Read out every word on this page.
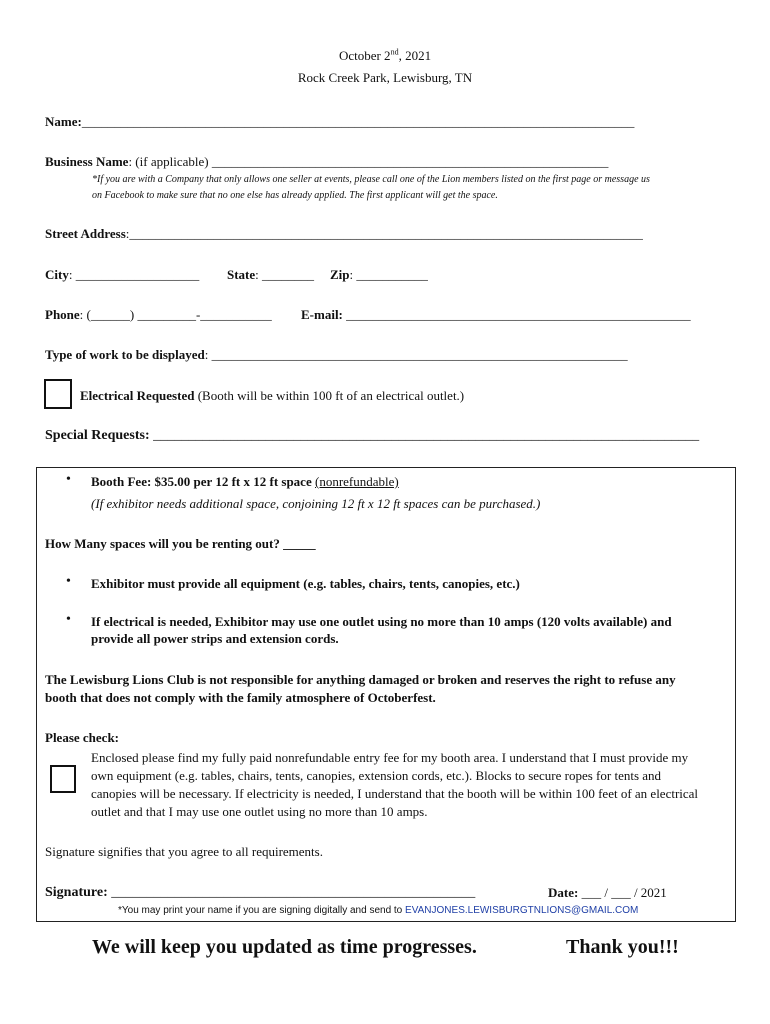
October 2nd, 2021
Rock Creek Park, Lewisburg, TN
Name:_____________________________________________________________________________________
Business Name: (if applicable) _____________________________________________________________
*If you are with a Company that only allows one seller at events, please call one of the Lion members listed on the first page or message us
on Facebook to make sure that no one else has already applied. The first applicant will get the space.
Street Address:_______________________________________________________________________________
City: ___________________ State: ________ Zip: ___________
Phone: (______) _________-___________ E-mail: _____________________________________________________
Type of work to be displayed: ________________________________________________________________
Electrical Requested (Booth will be within 100 ft of an electrical outlet.)
Special Requests: ______________________________________________________________________________
• Booth Fee: $35.00 per 12 ft x 12 ft space (nonrefundable)
(If exhibitor needs additional space, conjoining 12 ft x 12 ft spaces can be purchased.)
How Many spaces will you be renting out? _____
• Exhibitor must provide all equipment (e.g. tables, chairs, tents, canopies, etc.)
• If electrical is needed, Exhibitor may use one outlet using no more than 10 amps (120 volts available) and
provide all power strips and extension cords.
The Lewisburg Lions Club is not responsible for anything damaged or broken and reserves the right to refuse any
booth that does not comply with the family atmosphere of Octoberfest.
Please check:
Enclosed please find my fully paid nonrefundable entry fee for my booth area. I understand that I must provide my
own equipment (e.g. tables, chairs, tents, canopies, extension cords, etc.). Blocks to secure ropes for tents and
canopies will be necessary. If electricity is needed, I understand that the booth will be within 100 feet of an electrical
outlet and that I may use one outlet using no more than 10 amps.
Signature signifies that you agree to all requirements.
Signature: ____________________________________________________	Date: ___ / ___ / 2021
*You may print your name if you are signing digitally and send to EVANJONES.LEWISBURGTNLIONS@GMAIL.COM
We will keep you updated as time progresses.	Thank you!!!
